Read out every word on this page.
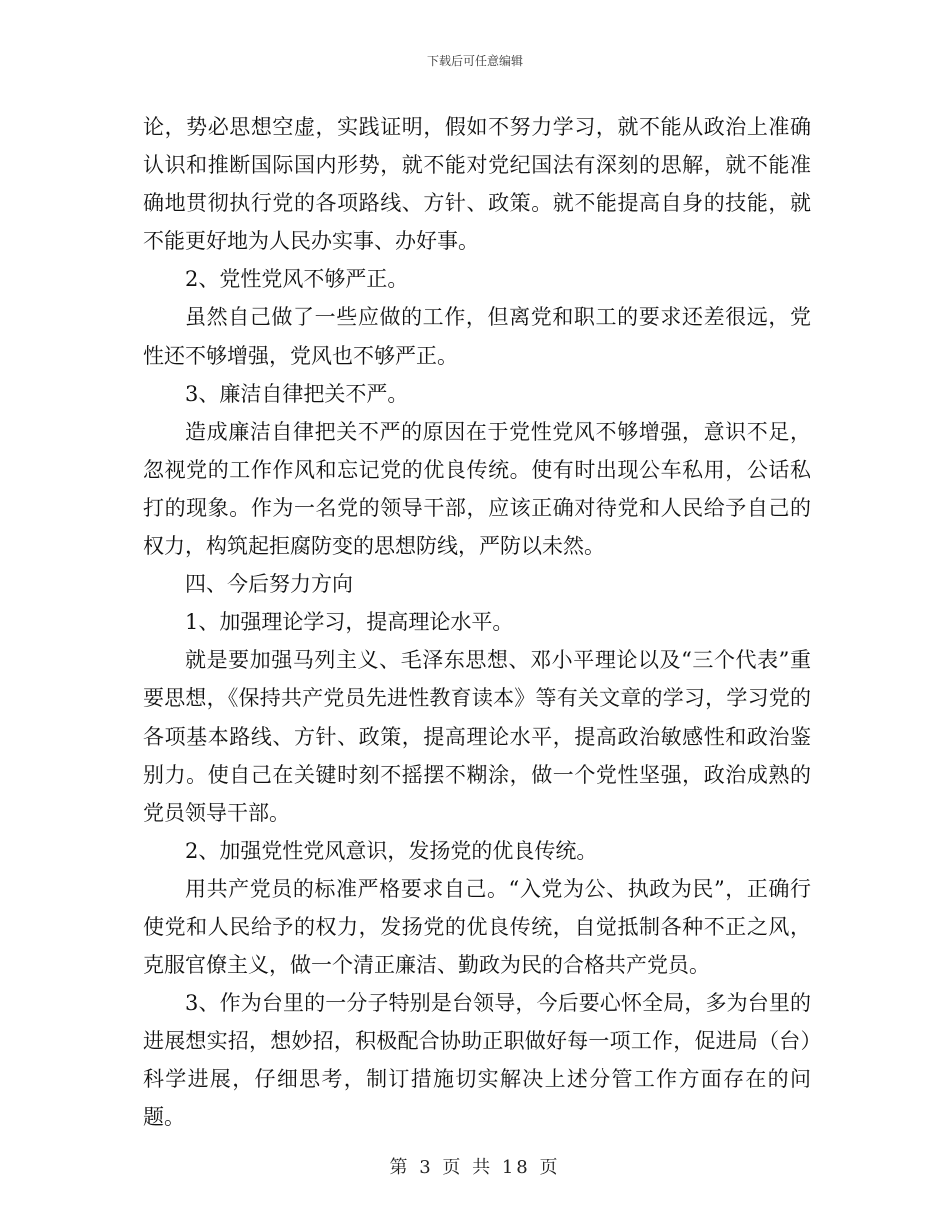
下载后可任意编辑

论，势必思想空虚，实践证明，假如不努力学习，就不能从政治上准确认识和推断国际国内形势，就不能对党纪国法有深刻的思解，就不能准确地贯彻执行党的各项路线、方针、政策。就不能提高自身的技能，就不能更好地为人民办实事、办好事。

2、党性党风不够严正。

虽然自己做了一些应做的工作，但离党和职工的要求还差很远，党性还不够增强，党风也不够严正。

3、廉洁自律把关不严。

造成廉洁自律把关不严的原因在于党性党风不够增强，意识不足，忽视党的工作作风和忘记党的优良传统。使有时出现公车私用，公话私打的现象。作为一名党的领导干部，应该正确对待党和人民给予自己的权力，构筑起拒腐防变的思想防线，严防以未然。

四、今后努力方向

1、加强理论学习，提高理论水平。

就是要加强马列主义、毛泽东思想、邓小平理论以及“三个代表”重要思想，《保持共产党员先进性教育读本》等有关文章的学习，学习党的各项基本路线、方针、政策，提高理论水平，提高政治敏感性和政治鉴别力。使自己在关键时刻不摇摆不糊涂，做一个党性坚强，政治成熟的党员领导干部。

2、加强党性党风意识，发扬党的优良传统。

用共产党员的标准严格要求自己。“入党为公、执政为民”，正确行使党和人民给予的权力，发扬党的优良传统，自觉抵制各种不正之风，克服官僚主义，做一个清正廉洁、勤政为民的合格共产党员。

3、作为台里的一分子特别是台领导，今后要心怀全局，多为台里的进展想实招，想妙招，积极配合协助正职做好每一项工作，促进局（台）科学进展，仔细思考，制订措施切实解决上述分管工作方面存在的问题。

第 3 页 共 18 页
